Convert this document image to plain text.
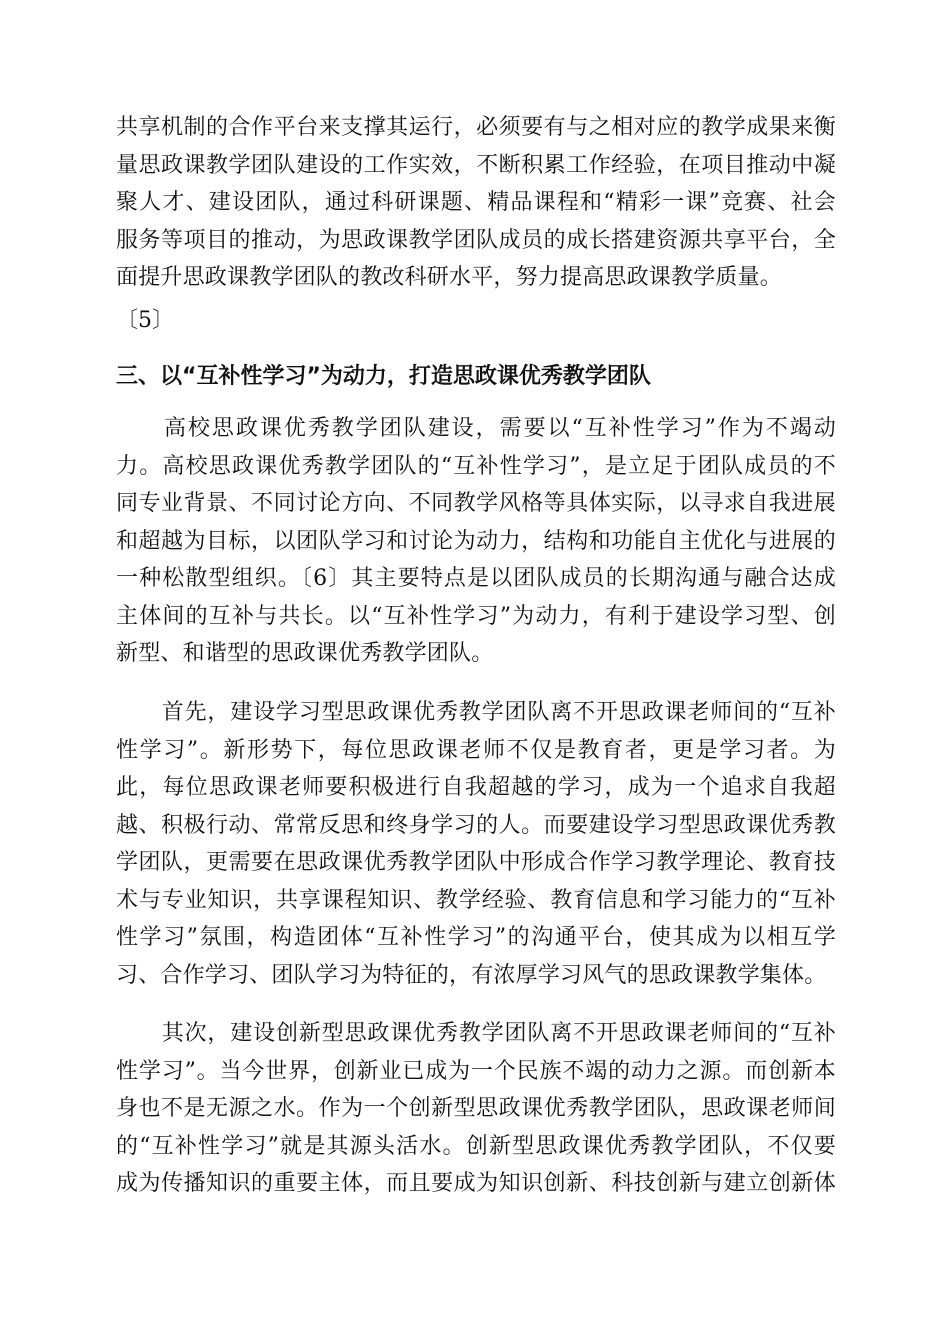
共享机制的合作平台来支撑其运行，必须要有与之相对应的教学成果来衡
量思政课教学团队建设的工作实效，不断积累工作经验，在项目推动中凝
聚人才、建设团队，通过科研课题、精品课程和“精彩一课”竞赛、社会
服务等项目的推动，为思政课教学团队成员的成长搭建资源共享平台，全
面提升思政课教学团队的教改科研水平，努力提高思政课教学质量。
〔5〕
三、以“互补性学习”为动力，打造思政课优秀教学团队
　　高校思政课优秀教学团队建设，需要以“互补性学习”作为不竭动
力。高校思政课优秀教学团队的“互补性学习”，是立足于团队成员的不
同专业背景、不同讨论方向、不同教学风格等具体实际，以寻求自我进展
和超越为目标，以团队学习和讨论为动力，结构和功能自主优化与进展的
一种松散型组织。〔6〕其主要特点是以团队成员的长期沟通与融合达成
主体间的互补与共长。以“互补性学习”为动力，有利于建设学习型、创
新型、和谐型的思政课优秀教学团队。
　　首先，建设学习型思政课优秀教学团队离不开思政课老师间的“互补
性学习”。新形势下，每位思政课老师不仅是教育者，更是学习者。为
此，每位思政课老师要积极进行自我超越的学习，成为一个追求自我超
越、积极行动、常常反思和终身学习的人。而要建设学习型思政课优秀教
学团队，更需要在思政课优秀教学团队中形成合作学习教学理论、教育技
术与专业知识，共享课程知识、教学经验、教育信息和学习能力的“互补
性学习”氛围，构造团体“互补性学习”的沟通平台，使其成为以相互学
习、合作学习、团队学习为特征的，有浓厚学习风气的思政课教学集体。
　　其次，建设创新型思政课优秀教学团队离不开思政课老师间的“互补
性学习”。当今世界，创新业已成为一个民族不竭的动力之源。而创新本
身也不是无源之水。作为一个创新型思政课优秀教学团队，思政课老师间
的“互补性学习”就是其源头活水。创新型思政课优秀教学团队，不仅要
成为传播知识的重要主体，而且要成为知识创新、科技创新与建立创新体
